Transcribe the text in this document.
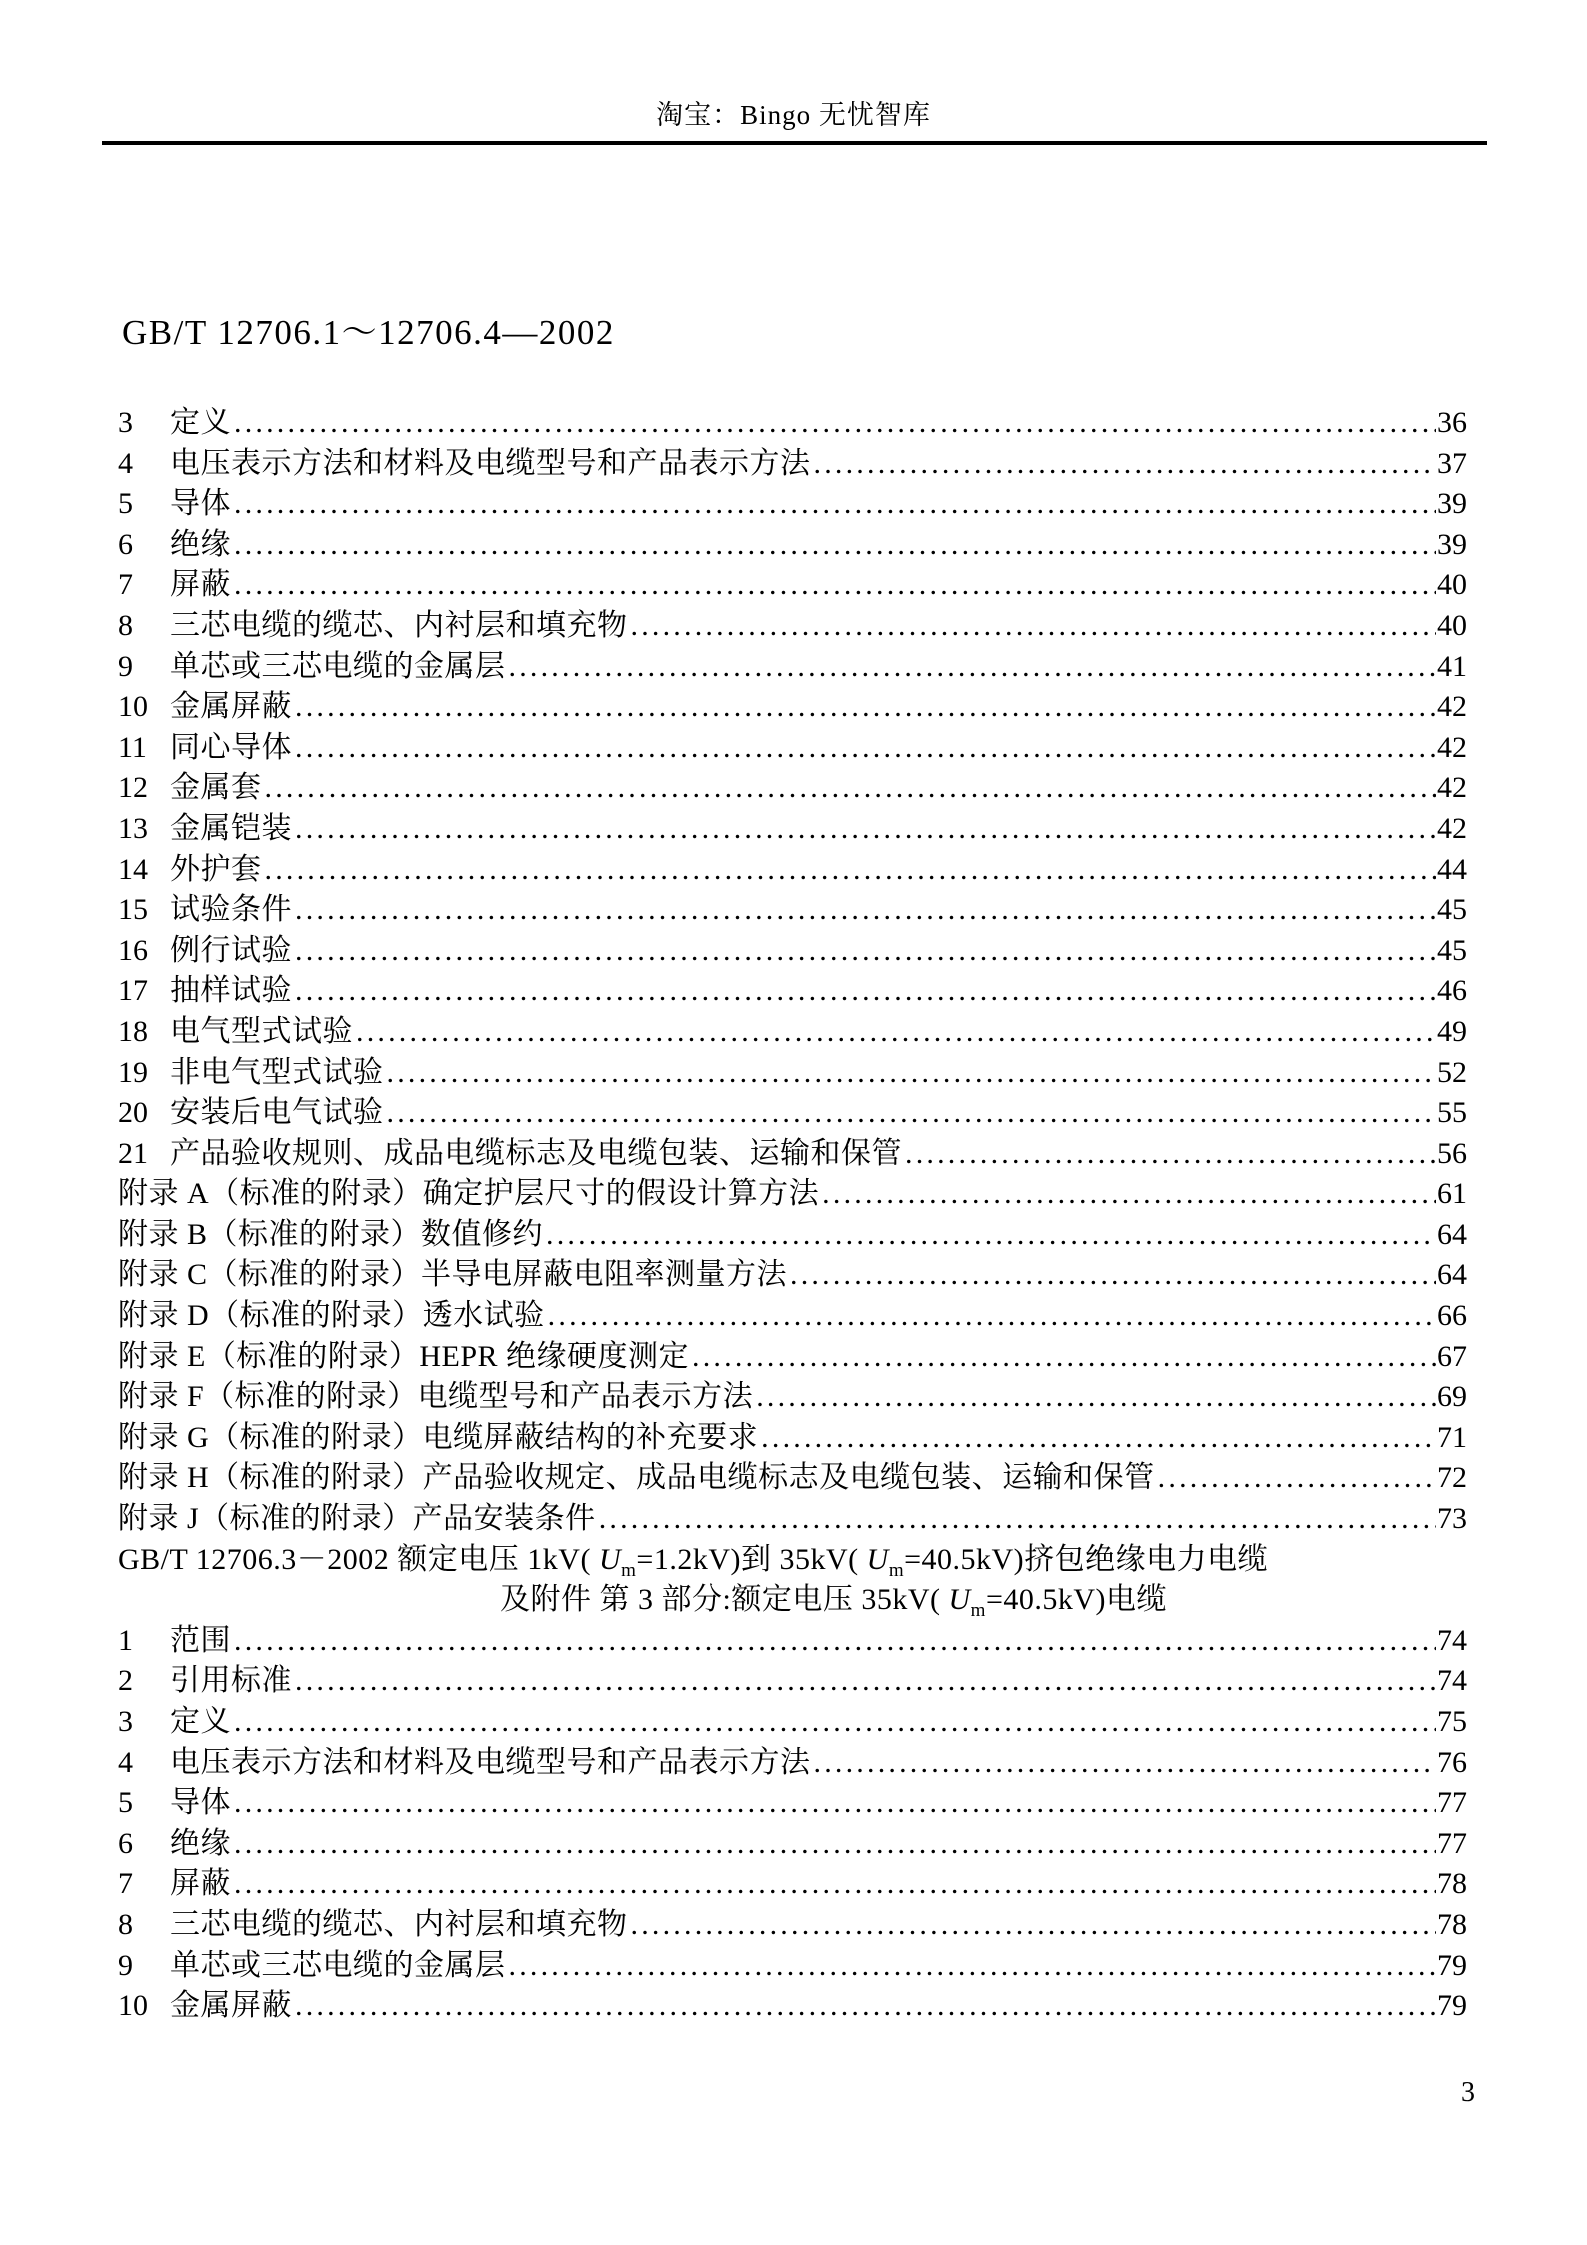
淘宝：Bingo 无忧智库
GB/T 12706.1～12706.4—2002
3	定义 .....	36
4	电压表示方法和材料及电缆型号和产品表示方法 .....	37
5	导体 .....	39
6	绝缘 .....	39
7	屏蔽 .....	40
8	三芯电缆的缆芯、内衬层和填充物 .....	40
9	单芯或三芯电缆的金属层 .....	41
10 金属屏蔽 .....	42
11 同心导体 .....	42
12 金属套 .....	42
13 金属铠装 .....	42
14 外护套 .....	44
15 试验条件 .....	45
16 例行试验 .....	45
17 抽样试验 .....	46
18 电气型式试验 .....	49
19 非电气型式试验 .....	52
20 安装后电气试验 .....	55
21 产品验收规则、成品电缆标志及电缆包装、运输和保管 .....	56
附录 A（标准的附录）确定护层尺寸的假设计算方法 .....	61
附录 B（标准的附录）数值修约 .....	64
附录 C（标准的附录）半导电屏蔽电阻率测量方法 .....	64
附录 D（标准的附录）透水试验 .....	66
附录 E（标准的附录）HEPR 绝缘硬度测定 .....	67
附录 F（标准的附录）电缆型号和产品表示方法 .....	69
附录 G（标准的附录）电缆屏蔽结构的补充要求 .....	71
附录 H（标准的附录）产品验收规定、成品电缆标志及电缆包装、运输和保管 .....	72
附录 J（标准的附录）产品安装条件 .....	73
GB/T 12706.3－2002 额定电压 1kV( $U_m=1.2kV$)到 35kV( $U_m=40.5kV$)挤包绝缘电力电缆
及附件 第 3 部分:额定电压 35kV( $U_m=40.5kV$)电缆
1	范围 .....	74
2	引用标准 .....	74
3	定义 .....	75
4	电压表示方法和材料及电缆型号和产品表示方法 .....	76
5	导体 .....	77
6	绝缘 .....	77
7	屏蔽 .....	78
8	三芯电缆的缆芯、内衬层和填充物 .....	78
9	单芯或三芯电缆的金属层 .....	79
10 金属屏蔽 .....	79
3
